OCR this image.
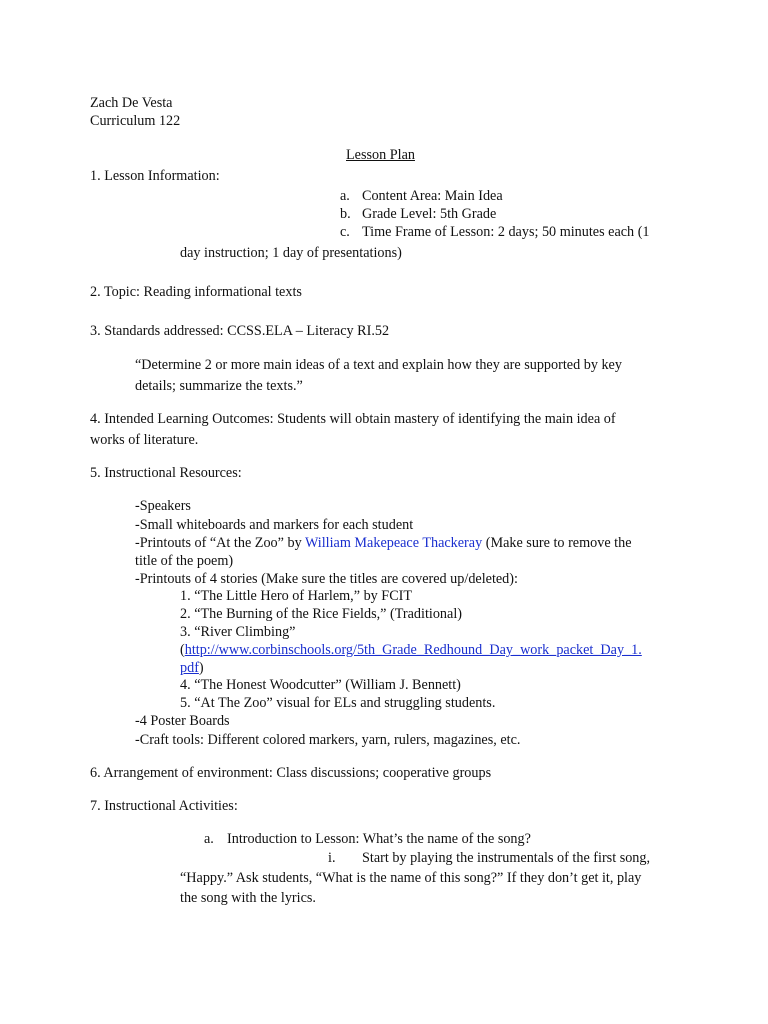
Zach De Vesta
Curriculum 122
Lesson Plan
1. Lesson Information:
a. Content Area: Main Idea
b. Grade Level: 5th Grade
c. Time Frame of Lesson: 2 days; 50 minutes each (1
day instruction; 1 day of presentations)
2. Topic: Reading informational texts
3. Standards addressed: CCSS.ELA – Literacy RI.52
“Determine 2 or more main ideas of a text and explain how they are supported by key
details; summarize the texts.”
4. Intended Learning Outcomes: Students will obtain mastery of identifying the main idea of
works of literature.
5. Instructional Resources:
-Speakers
-Small whiteboards and markers for each student
-Printouts of “At the Zoo” by William Makepeace Thackeray (Make sure to remove the
title of the poem)
-Printouts of 4 stories (Make sure the titles are covered up/deleted):
1. “The Little Hero of Harlem,” by FCIT
2. “The Burning of the Rice Fields,” (Traditional)
3. “River Climbing”
(http://www.corbinschools.org/5th_Grade_Redhound_Day_work_packet_Day_1.
pdf)
4. “The Honest Woodcutter” (William J. Bennett)
5. “At The Zoo” visual for ELs and struggling students.
-4 Poster Boards
-Craft tools: Different colored markers, yarn, rulers, magazines, etc.
6. Arrangement of environment: Class discussions; cooperative groups
7. Instructional Activities:
a. Introduction to Lesson: What’s the name of the song?
i. Start by playing the instrumentals of the first song,
“Happy.” Ask students, “What is the name of this song?” If they don’t get it, play
the song with the lyrics.
